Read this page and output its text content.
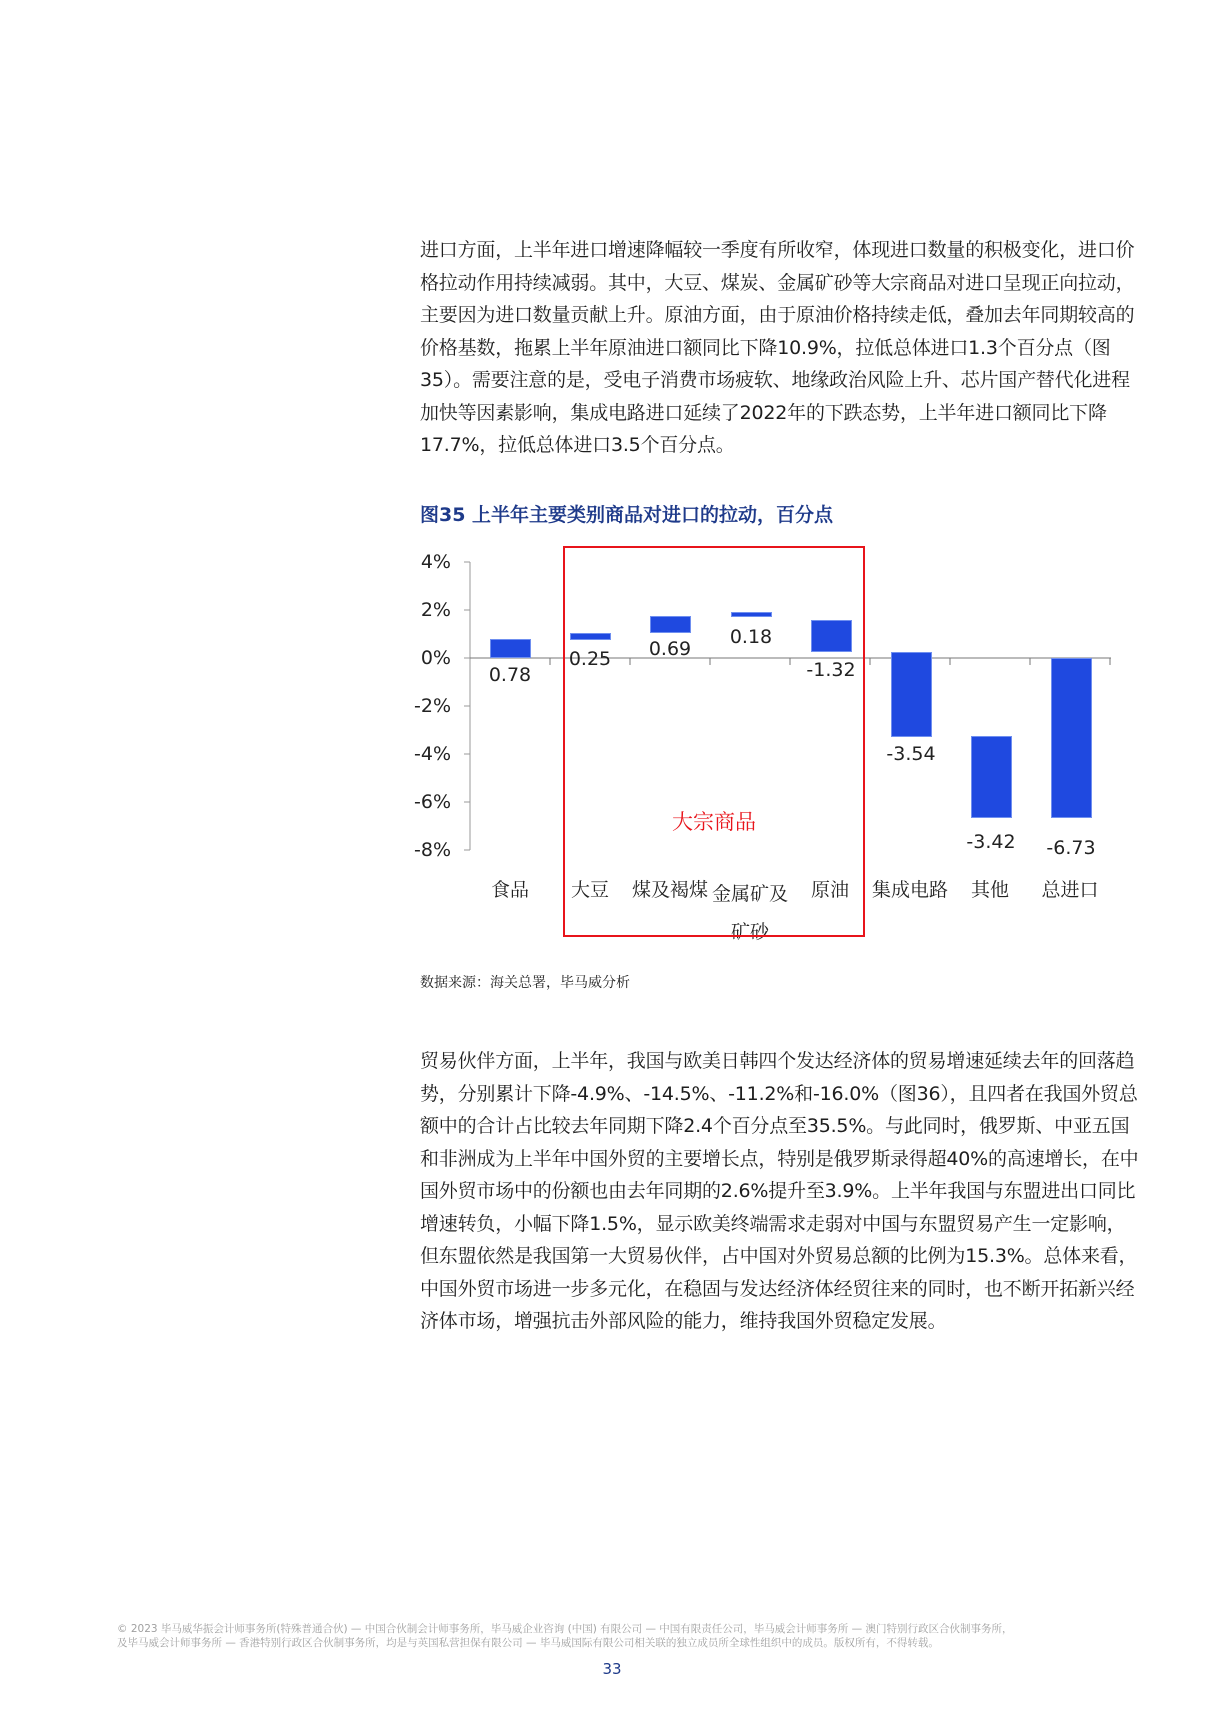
进口方面，上半年进口增速降幅较一季度有所收窄，体现进口数量的积极变化，进口价格拉动作用持续减弱。其中，大豆、煤炭、金属矿砂等大宗商品对进口呈现正向拉动，主要因为进口数量贡献上升。原油方面，由于原油价格持续走低，叠加去年同期较高的价格基数，拖累上半年原油进口额同比下降10.9%，拉低总体进口1.3个百分点（图35）。需要注意的是，受电子消费市场疲软、地缘政治风险上升、芯片国产替代化进程加快等因素影响，集成电路进口延续了2022年的下跌态势，上半年进口额同比下降17.7%，拉低总体进口3.5个百分点。

图35 上半年主要类别商品对进口的拉动，百分点
4%
2%
0%
-2%
-4%
-6%
-8%
0.78
0.25	0.69
0.18
-1.32
-3.54
-3.42	-6.73
食品	大豆	煤及褐煤 金属矿及
矿砂
原油	集成电路	其他	总进口
大宗商品
数据来源：海关总署，毕马威分析

贸易伙伴方面，上半年，我国与欧美日韩四个发达经济体的贸易增速延续去年的回落趋势，分别累计下降-4.9%、-14.5%、-11.2%和-16.0%（图36），且四者在我国外贸总额中的合计占比较去年同期下降2.4个百分点至35.5%。与此同时，俄罗斯、中亚五国和非洲成为上半年中国外贸的主要增长点，特别是俄罗斯录得超40%的高速增长，在中国外贸市场中的份额也由去年同期的2.6%提升至3.9%。上半年我国与东盟进出口同比增速转负，小幅下降1.5%，显示欧美终端需求走弱对中国与东盟贸易产生一定影响，但东盟依然是我国第一大贸易伙伴，占中国对外贸易总额的比例为15.3%。总体来看，中国外贸市场进一步多元化，在稳固与发达经济体经贸往来的同时，也不断开拓新兴经济体市场，增强抗击外部风险的能力，维持我国外贸稳定发展。

© 2023 毕马威华振会计师事务所(特殊普通合伙) — 中国合伙制会计师事务所，毕马威企业咨询 (中国) 有限公司 — 中国有限责任公司，毕马威会计师事务所 — 澳门特别行政区合伙制事务所，
及毕马威会计师事务所 — 香港特别行政区合伙制事务所，均是与英国私营担保有限公司 — 毕马威国际有限公司相关联的独立成员所全球性组织中的成员。版权所有，不得转载。
33
